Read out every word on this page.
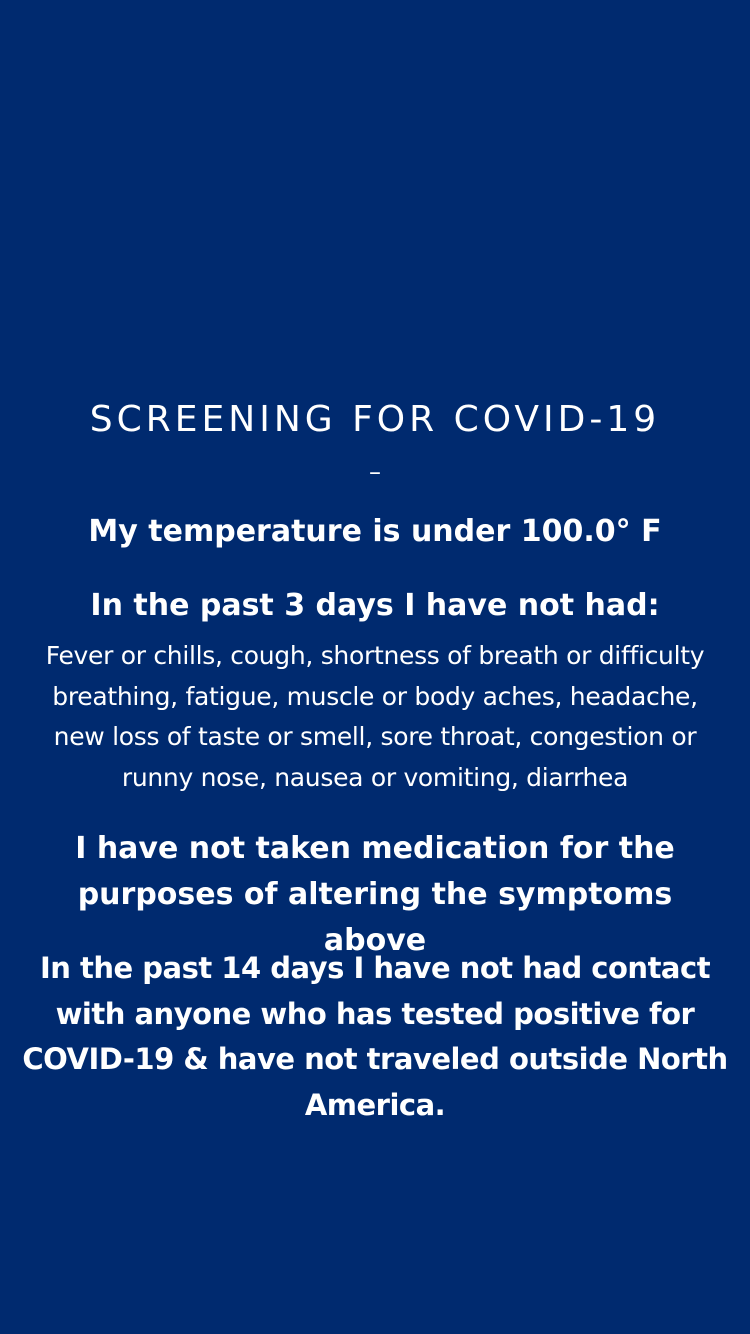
SCREENING FOR COVID-19
–
My temperature is under 100.0° F
In the past 3 days I have not had:
Fever or chills, cough, shortness of breath or difficulty breathing, fatigue, muscle or body aches, headache, new loss of taste or smell, sore throat, congestion or runny nose, nausea or vomiting, diarrhea
I have not taken medication for the purposes of altering the symptoms above
In the past 14 days I have not had contact with anyone who has tested positive for COVID-19 & have not traveled outside North America.
